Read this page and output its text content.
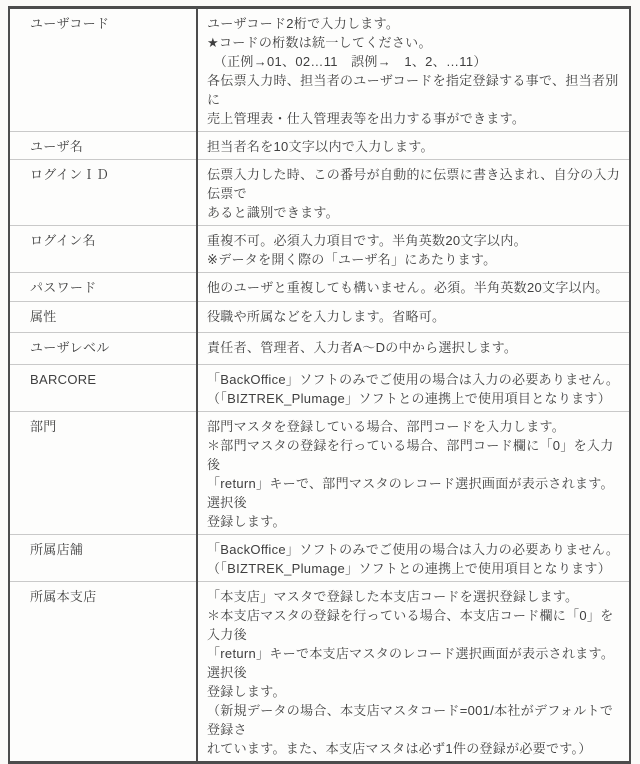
ユーザコード	ユーザコード2桁で入力します。
★コードの桁数は統一してください。
　（正例→01、02…11　誤例→　1、2、…11）
各伝票入力時、担当者のユーザコードを指定登録する事で、担当者別に
売上管理表・仕入管理表等を出力する事ができます。

ユーザ名	担当者名を10文字以内で入力します。

ログインＩＤ	伝票入力した時、この番号が自動的に伝票に書き込まれ、自分の入力伝票で
あると識別できます。

ログイン名	重複不可。必須入力項目です。半角英数20文字以内。
※データを開く際の「ユーザ名」にあたります。

パスワード	他のユーザと重複しても構いません。必須。半角英数20文字以内。

属性	役職や所属などを入力します。省略可。

ユーザレベル	責任者、管理者、入力者A〜Dの中から選択します。

BARCORE	「BackOffice」ソフトのみでご使用の場合は入力の必要ありません。
（「BIZTREK_Plumage」ソフトとの連携上で使用項目となります）

部門	部門マスタを登録している場合、部門コードを入力します。
＊部門マスタの登録を行っている場合、部門コード欄に「0」を入力後
「return」キーで、部門マスタのレコード選択画面が表示されます。選択後
登録します。

所属店舗	「BackOffice」ソフトのみでご使用の場合は入力の必要ありません。
（「BIZTREK_Plumage」ソフトとの連携上で使用項目となります）

所属本支店	「本支店」マスタで登録した本支店コードを選択登録します。
＊本支店マスタの登録を行っている場合、本支店コード欄に「0」を入力後
「return」キーで本支店マスタのレコード選択画面が表示されます。選択後
登録します。
（新規データの場合、本支店マスタコード=001/本社がデフォルトで登録さ
れています。また、本支店マスタは必ず1件の登録が必要です。）
